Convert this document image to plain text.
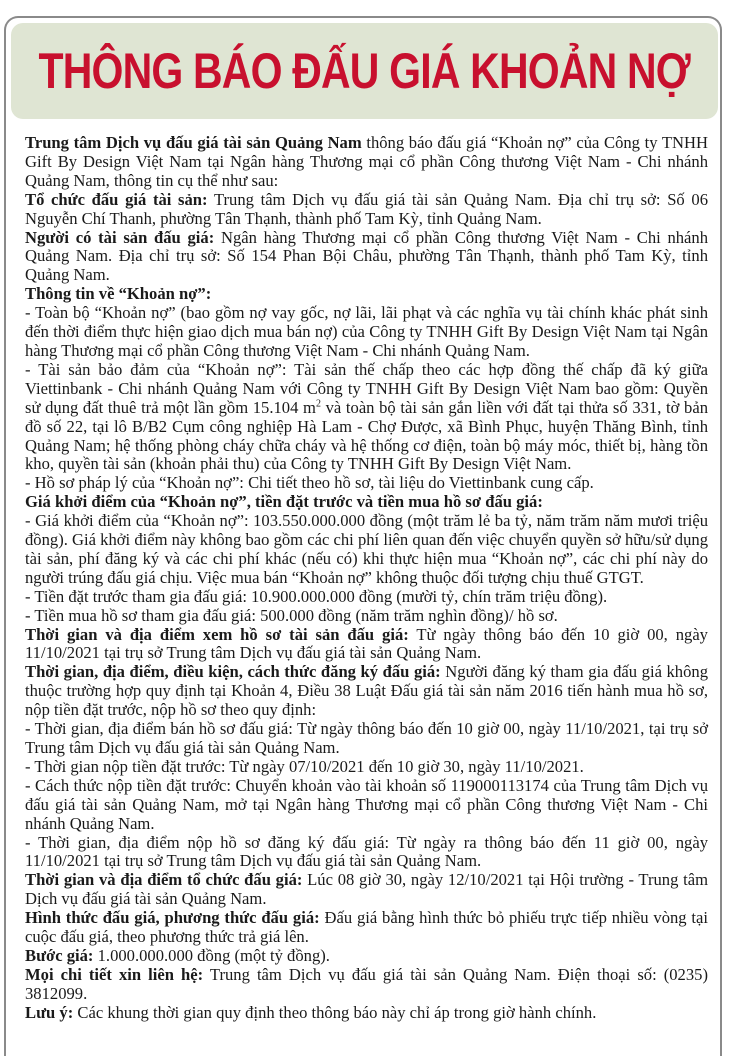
THÔNG BÁO ĐẤU GIÁ KHOẢN NỢ

Trung tâm Dịch vụ đấu giá tài sản Quảng Nam thông báo đấu giá “Khoản nợ” của Công ty TNHH Gift By Design Việt Nam tại Ngân hàng Thương mại cổ phần Công thương Việt Nam - Chi nhánh Quảng Nam, thông tin cụ thể như sau:

Tổ chức đấu giá tài sản: Trung tâm Dịch vụ đấu giá tài sản Quảng Nam. Địa chỉ trụ sở: Số 06 Nguyễn Chí Thanh, phường Tân Thạnh, thành phố Tam Kỳ, tỉnh Quảng Nam.

Người có tài sản đấu giá: Ngân hàng Thương mại cổ phần Công thương Việt Nam - Chi nhánh Quảng Nam. Địa chỉ trụ sở: Số 154 Phan Bội Châu, phường Tân Thạnh, thành phố Tam Kỳ, tỉnh Quảng Nam.

Thông tin về “Khoản nợ”:

- Toàn bộ “Khoản nợ” (bao gồm nợ vay gốc, nợ lãi, lãi phạt và các nghĩa vụ tài chính khác phát sinh đến thời điểm thực hiện giao dịch mua bán nợ) của Công ty TNHH Gift By Design Việt Nam tại Ngân hàng Thương mại cổ phần Công thương Việt Nam - Chi nhánh Quảng Nam.

- Tài sản bảo đảm của “Khoản nợ”: Tài sản thế chấp theo các hợp đồng thế chấp đã ký giữa Viettinbank - Chi nhánh Quảng Nam với Công ty TNHH Gift By Design Việt Nam bao gồm: Quyền sử dụng đất thuê trả một lần gồm 15.104 $m^2$ và toàn bộ tài sản gắn liền với đất tại thửa số 331, tờ bản đồ số 22, tại lô B/B2 Cụm công nghiệp Hà Lam - Chợ Được, xã Bình Phục, huyện Thăng Bình, tỉnh Quảng Nam; hệ thống phòng cháy chữa cháy và hệ thống cơ điện, toàn bộ máy móc, thiết bị, hàng tồn kho, quyền tài sản (khoản phải thu) của Công ty TNHH Gift By Design Việt Nam.

- Hồ sơ pháp lý của “Khoản nợ”: Chi tiết theo hồ sơ, tài liệu do Viettinbank cung cấp.

Giá khởi điểm của “Khoản nợ”, tiền đặt trước và tiền mua hồ sơ đấu giá:

- Giá khởi điểm của “Khoản nợ”: 103.550.000.000 đồng (một trăm lẻ ba tỷ, năm trăm năm mươi triệu đồng). Giá khởi điểm này không bao gồm các chi phí liên quan đến việc chuyển quyền sở hữu/sử dụng tài sản, phí đăng ký và các chi phí khác (nếu có) khi thực hiện mua “Khoản nợ”, các chi phí này do người trúng đấu giá chịu. Việc mua bán “Khoản nợ” không thuộc đối tượng chịu thuế GTGT.

- Tiền đặt trước tham gia đấu giá: 10.900.000.000 đồng (mười tỷ, chín trăm triệu đồng).

- Tiền mua hồ sơ tham gia đấu giá: 500.000 đồng (năm trăm nghìn đồng)/ hồ sơ.

Thời gian và địa điểm xem hồ sơ tài sản đấu giá: Từ ngày thông báo đến 10 giờ 00, ngày 11/10/2021 tại trụ sở Trung tâm Dịch vụ đấu giá tài sản Quảng Nam.

Thời gian, địa điểm, điều kiện, cách thức đăng ký đấu giá: Người đăng ký tham gia đấu giá không thuộc trường hợp quy định tại Khoản 4, Điều 38 Luật Đấu giá tài sản năm 2016 tiến hành mua hồ sơ, nộp tiền đặt trước, nộp hồ sơ theo quy định:

- Thời gian, địa điểm bán hồ sơ đấu giá: Từ ngày thông báo đến 10 giờ 00, ngày 11/10/2021, tại trụ sở Trung tâm Dịch vụ đấu giá tài sản Quảng Nam.

- Thời gian nộp tiền đặt trước: Từ ngày 07/10/2021 đến 10 giờ 30, ngày 11/10/2021.

- Cách thức nộp tiền đặt trước: Chuyển khoản vào tài khoản số 119000113174 của Trung tâm Dịch vụ đấu giá tài sản Quảng Nam, mở tại Ngân hàng Thương mại cổ phần Công thương Việt Nam - Chi nhánh Quảng Nam.

- Thời gian, địa điểm nộp hồ sơ đăng ký đấu giá: Từ ngày ra thông báo đến 11 giờ 00, ngày 11/10/2021 tại trụ sở Trung tâm Dịch vụ đấu giá tài sản Quảng Nam.

Thời gian và địa điểm tổ chức đấu giá: Lúc 08 giờ 30, ngày 12/10/2021 tại Hội trường - Trung tâm Dịch vụ đấu giá tài sản Quảng Nam.

Hình thức đấu giá, phương thức đấu giá: Đấu giá bằng hình thức bỏ phiếu trực tiếp nhiều vòng tại cuộc đấu giá, theo phương thức trả giá lên.

Bước giá: 1.000.000.000 đồng (một tỷ đồng).

Mọi chi tiết xin liên hệ: Trung tâm Dịch vụ đấu giá tài sản Quảng Nam. Điện thoại số: (0235) 3812099.

Lưu ý: Các khung thời gian quy định theo thông báo này chỉ áp trong giờ hành chính.
